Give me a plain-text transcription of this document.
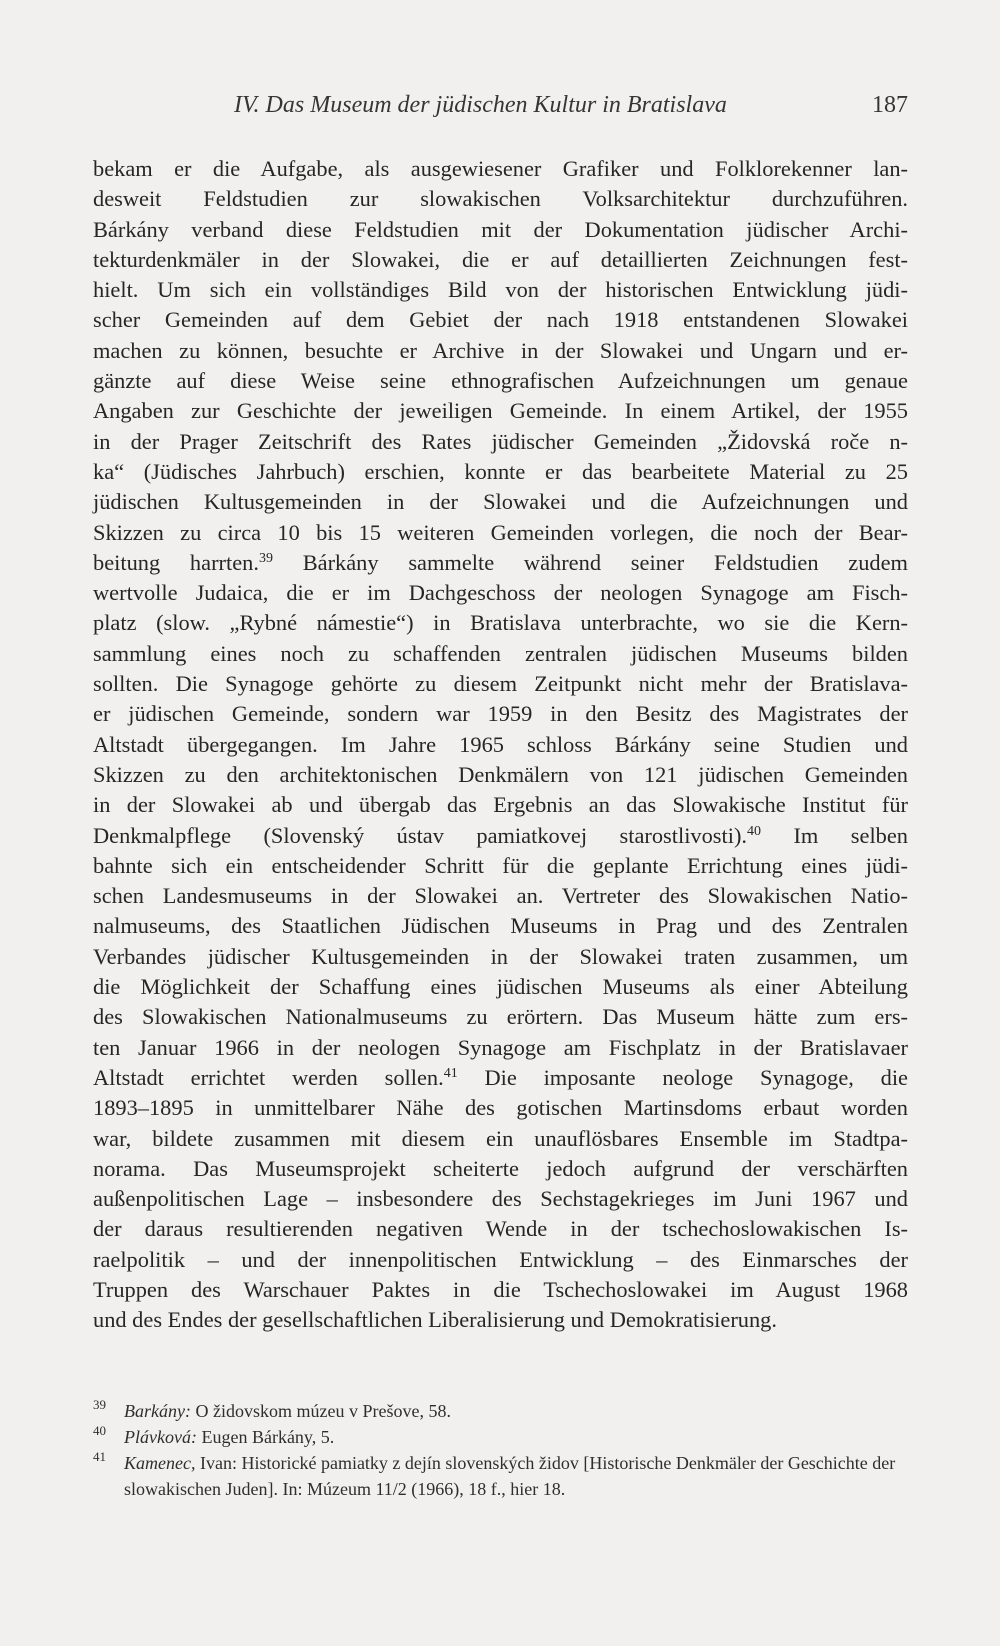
IV. Das Museum der jüdischen Kultur in Bratislava	187
bekam er die Aufgabe, als ausgewiesener Grafiker und Folklorekenner lan-
desweit Feldstudien zur slowakischen Volksarchitektur durchzuführen.
Bárkány verband diese Feldstudien mit der Dokumentation jüdischer Archi-
tekturdenkmäler in der Slowakei, die er auf detaillierten Zeichnungen fest-
hielt. Um sich ein vollständiges Bild von der historischen Entwicklung jüdi-
scher Gemeinden auf dem Gebiet der nach 1918 entstandenen Slowakei
machen zu können, besuchte er Archive in der Slowakei und Ungarn und er-
gänzte auf diese Weise seine ethnografischen Aufzeichnungen um genaue
Angaben zur Geschichte der jeweiligen Gemeinde. In einem Artikel, der 1955
in der Prager Zeitschrift des Rates jüdischer Gemeinden „Židovská roče n-
ka“ (Jüdisches Jahrbuch) erschien, konnte er das bearbeitete Material zu 25
jüdischen Kultusgemeinden in der Slowakei und die Aufzeichnungen und
Skizzen zu circa 10 bis 15 weiteren Gemeinden vorlegen, die noch der Bear-
beitung harrten.$^{39}$ Bárkány sammelte während seiner Feldstudien zudem
wertvolle Judaica, die er im Dachgeschoss der neologen Synagoge am Fisch-
platz (slow. „Rybné námestie“) in Bratislava unterbrachte, wo sie die Kern-
sammlung eines noch zu schaffenden zentralen jüdischen Museums bilden
sollten. Die Synagoge gehörte zu diesem Zeitpunkt nicht mehr der Bratislava-
er jüdischen Gemeinde, sondern war 1959 in den Besitz des Magistrates der
Altstadt übergegangen. Im Jahre 1965 schloss Bárkány seine Studien und
Skizzen zu den architektonischen Denkmälern von 121 jüdischen Gemeinden
in der Slowakei ab und übergab das Ergebnis an das Slowakische Institut für
Denkmalpflege (Slovenský ústav pamiatkovej starostlivosti).$^{40}$ Im selben
bahnte sich ein entscheidender Schritt für die geplante Errichtung eines jüdi-
schen Landesmuseums in der Slowakei an. Vertreter des Slowakischen Natio-
nalmuseums, des Staatlichen Jüdischen Museums in Prag und des Zentralen
Verbandes jüdischer Kultusgemeinden in der Slowakei traten zusammen, um
die Möglichkeit der Schaffung eines jüdischen Museums als einer Abteilung
des Slowakischen Nationalmuseums zu erörtern. Das Museum hätte zum ers-
ten Januar 1966 in der neologen Synagoge am Fischplatz in der Bratislavaer
Altstadt errichtet werden sollen.$^{41}$ Die imposante neologe Synagoge, die
1893–1895 in unmittelbarer Nähe des gotischen Martinsdoms erbaut worden
war, bildete zusammen mit diesem ein unauflösbares Ensemble im Stadtpa-
norama. Das Museumsprojekt scheiterte jedoch aufgrund der verschärften
außenpolitischen Lage – insbesondere des Sechstagekrieges im Juni 1967 und
der daraus resultierenden negativen Wende in der tschechoslowakischen Is-
raelpolitik – und der innenpolitischen Entwicklung – des Einmarsches der
Truppen des Warschauer Paktes in die Tschechoslowakei im August 1968
und des Endes der gesellschaftlichen Liberalisierung und Demokratisierung.
39 Barkány: O židovskom múzeu v Prešove, 58.
40 Plávková: Eugen Bárkány, 5.
41 Kamenec, Ivan: Historické pamiatky z dejín slovenských židov [Historische Denkmäler der Geschichte der slowakischen Juden]. In: Múzeum 11/2 (1966), 18 f., hier 18.
